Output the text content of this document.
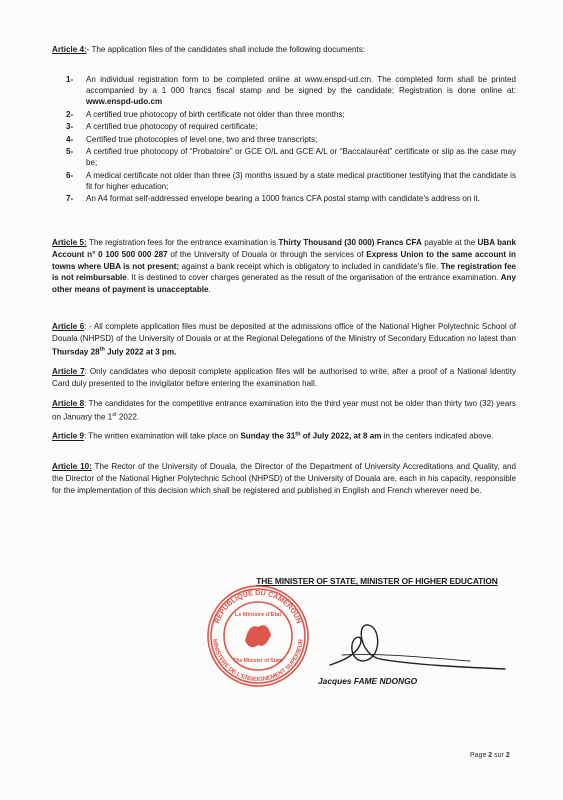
Article 4:- The application files of the candidates shall include the following documents:
1- An individual registration form to be completed online at www.enspd-ud.cm. The completed form shall be printed accompanied by a 1 000 francs fiscal stamp and be signed by the candidate; Registration is done online at: www.enspd-udo.cm
2- A certified true photocopy of birth certificate not older than three months;
3- A certified true photocopy of required certificate;
4- Certified true photocopies of level one, two and three transcripts;
5- A certified true photocopy of “Probatoire” or GCE O/L and GCE A/L or “Baccalauréat” certificate or slip as the case may be;
6- A medical certificate not older than three (3) months issued by a state medical practitioner testifying that the candidate is fit for higher education;
7- An A4 format self-addressed envelope bearing a 1000 francs CFA postal stamp with candidate's address on it.
Article 5: The registration fees for the entrance examination is Thirty Thousand (30 000) Francs CFA payable at the UBA bank Account n° 0 100 500 000 287 of the University of Douala or through the services of Express Union to the same account in towns where UBA is not present; against a bank receipt which is obligatory to included in candidate's file. The registration fee is not reimbursable. It is destined to cover charges generated as the result of the organisation of the entrance examination. Any other means of payment is unacceptable.
Article 6: - All complete application files must be deposited at the admissions office of the National Higher Polytechnic School of Douala (NHPSD) of the University of Douala or at the Regional Delegations of the Ministry of Secondary Education no latest than Thursday 28th July 2022 at 3 pm.
Article 7: Only candidates who deposit complete application files will be authorised to write, after a proof of a National Identity Card duly presented to the invigilator before entering the examination hall.
Article 8: The candidates for the competitive entrance examination into the third year must not be older than thirty two (32) years on January the 1st 2022.
Article 9: The written examination will take place on Sunday the 31th of July 2022, at 8 am in the centers indicated above.
Article 10: The Rector of the University of Douala, the Director of the Department of University Accreditations and Quality, and the Director of the National Higher Polytechnic School (NHPSD) of the University of Douala are, each in his capacity, responsible for the implementation of this decision which shall be registered and published in English and French wherever need be.
THE MINISTER OF STATE, MINISTER OF HIGHER EDUCATION
REPUBLIQUE DU CAMEROUN
MINISTERE DE L'ENSEIGNEMENT SUPERIEUR
Le Ministre d'Etat
The Minister of State
Jacques FAME NDONGO
Page 2 sur 2
